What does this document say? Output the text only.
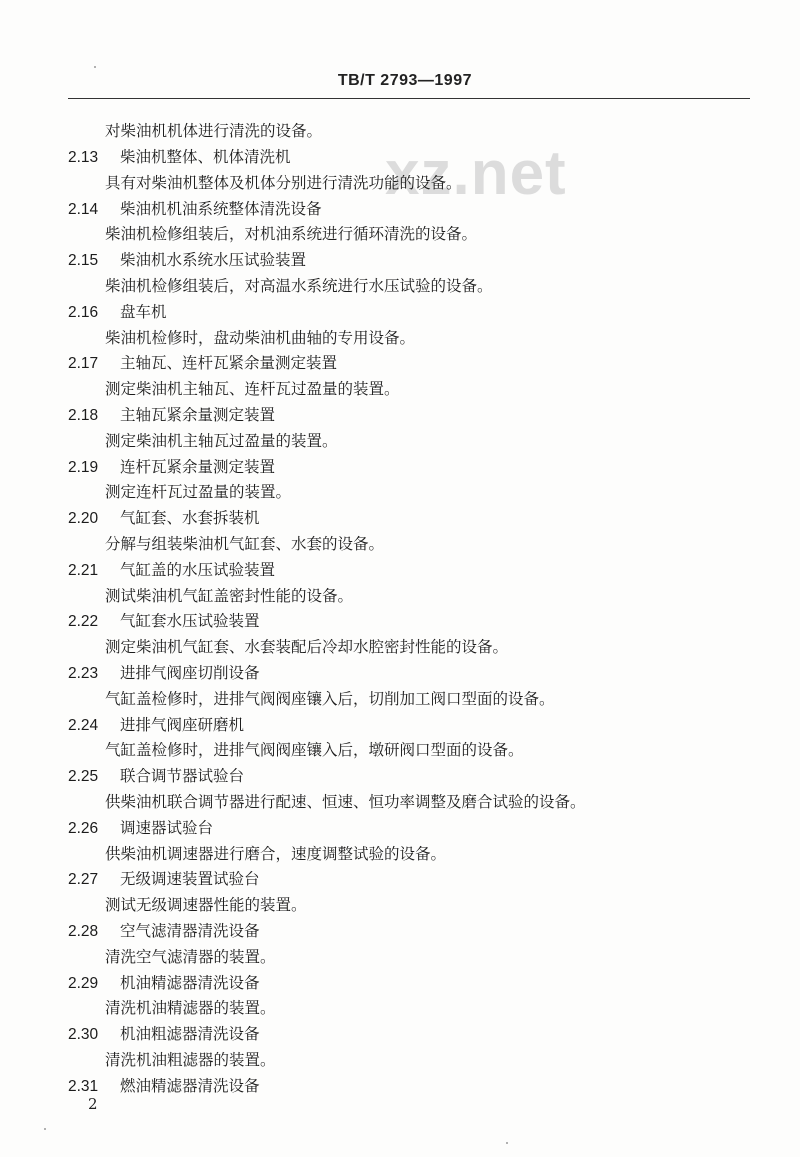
TB/T 2793—1997
xz.net
对柴油机机体进行清洗的设备。
2.13 柴油机整体、机体清洗机
具有对柴油机整体及机体分别进行清洗功能的设备。
2.14 柴油机机油系统整体清洗设备
柴油机检修组装后，对机油系统进行循环清洗的设备。
2.15 柴油机水系统水压试验装置
柴油机检修组装后，对高温水系统进行水压试验的设备。
2.16 盘车机
柴油机检修时，盘动柴油机曲轴的专用设备。
2.17 主轴瓦、连杆瓦紧余量测定装置
测定柴油机主轴瓦、连杆瓦过盈量的装置。
2.18 主轴瓦紧余量测定装置
测定柴油机主轴瓦过盈量的装置。
2.19 连杆瓦紧余量测定装置
测定连杆瓦过盈量的装置。
2.20 气缸套、水套拆装机
分解与组装柴油机气缸套、水套的设备。
2.21 气缸盖的水压试验装置
测试柴油机气缸盖密封性能的设备。
2.22 气缸套水压试验装置
测定柴油机气缸套、水套装配后冷却水腔密封性能的设备。
2.23 进排气阀座切削设备
气缸盖检修时，进排气阀阀座镶入后，切削加工阀口型面的设备。
2.24 进排气阀座研磨机
气缸盖检修时，进排气阀阀座镶入后，墩研阀口型面的设备。
2.25 联合调节器试验台
供柴油机联合调节器进行配速、恒速、恒功率调整及磨合试验的设备。
2.26 调速器试验台
供柴油机调速器进行磨合，速度调整试验的设备。
2.27 无级调速装置试验台
测试无级调速器性能的装置。
2.28 空气滤清器清洗设备
清洗空气滤清器的装置。
2.29 机油精滤器清洗设备
清洗机油精滤器的装置。
2.30 机油粗滤器清洗设备
清洗机油粗滤器的装置。
2.31 燃油精滤器清洗设备
2
